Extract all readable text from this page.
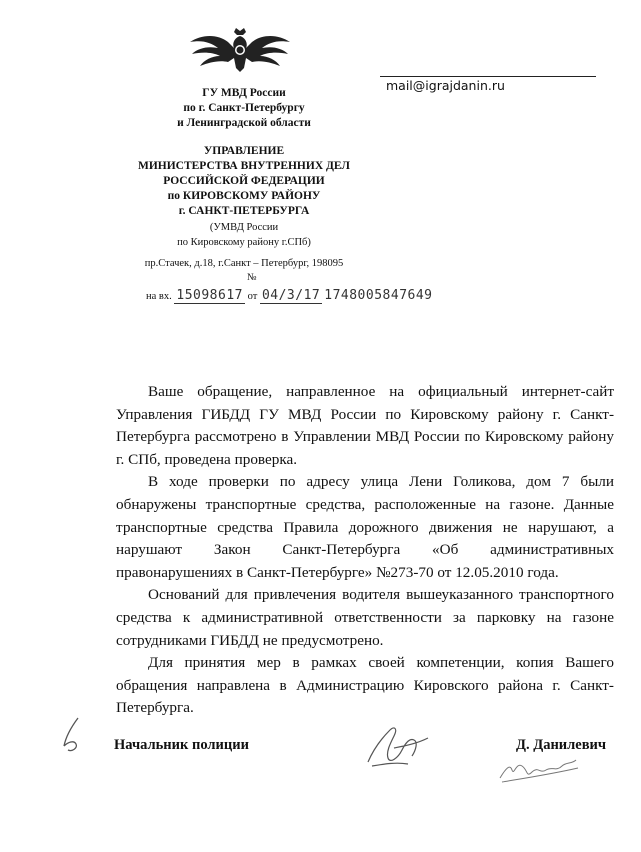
ГУ МВД России
по г. Санкт-Петербургу
и Ленинградской области
УПРАВЛЕНИЕ
МИНИСТЕРСТВА ВНУТРЕННИХ ДЕЛ
РОССИЙСКОЙ ФЕДЕРАЦИИ
по КИРОВСКОМУ РАЙОНУ
г. САНКТ-ПЕТЕРБУРГА
(УМВД России
по Кировскому району г.СПб)
пр.Стачек, д.18, г.Санкт – Петербург, 198095
№
на вх. 15098617 от 04/3/17 1748005847649
mail@igrajdanin.ru

Ваше обращение, направленное на официальный интернет-сайт Управления ГИБДД ГУ МВД России по Кировскому району г. Санкт-Петербурга рассмотрено в Управлении МВД России по Кировскому району г. СПб, проведена проверка.

В ходе проверки по адресу улица Лени Голикова, дом 7 были обнаружены транспортные средства, расположенные на газоне. Данные транспортные средства Правила дорожного движения не нарушают, а нарушают Закон Санкт-Петербурга «Об административных правонарушениях в Санкт-Петербурге» №273-70 от 12.05.2010 года.

Оснований для привлечения водителя вышеуказанного транспортного средства к административной ответственности за парковку на газоне сотрудниками ГИБДД не предусмотрено.

Для принятия мер в рамках своей компетенции, копия Вашего обращения направлена в Администрацию Кировского района г. Санкт-Петербурга.

Начальник полиции	Д. Данилевич
